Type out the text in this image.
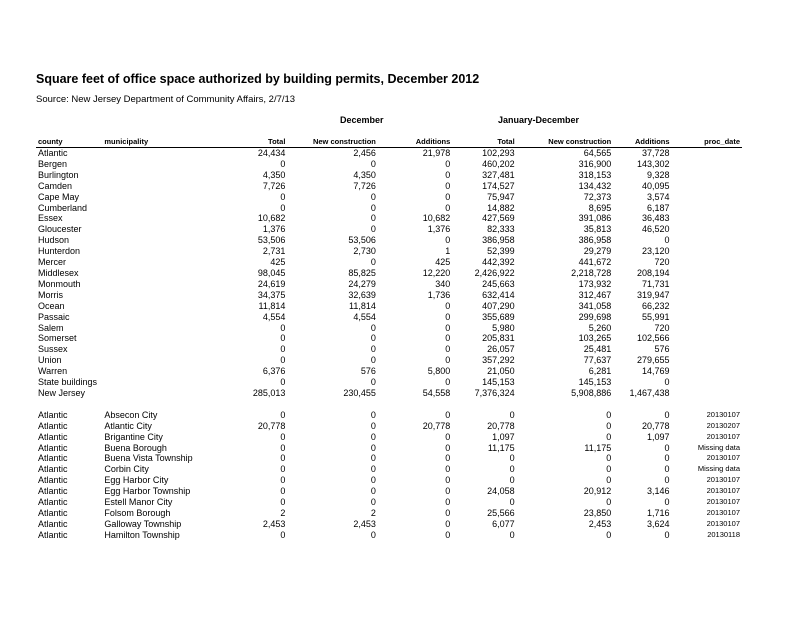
Square feet of office space authorized by building permits, December 2012
Source: New Jersey Department of Community Affairs, 2/7/13
December	January-December
county	municipality	Total	New construction	Additions	Total	New construction	Additions	proc_date
Atlantic		24,434	2,456	21,978	102,293	64,565	37,728	
Bergen		0	0	0	460,202	316,900	143,302	
Burlington		4,350	4,350	0	327,481	318,153	9,328	
Camden		7,726	7,726	0	174,527	134,432	40,095	
Cape May		0	0	0	75,947	72,373	3,574	
Cumberland		0	0	0	14,882	8,695	6,187	
Essex		10,682	0	10,682	427,569	391,086	36,483	
Gloucester		1,376	0	1,376	82,333	35,813	46,520	
Hudson		53,506	53,506	0	386,958	386,958	0	
Hunterdon		2,731	2,730	1	52,399	29,279	23,120	
Mercer		425	0	425	442,392	441,672	720	
Middlesex		98,045	85,825	12,220	2,426,922	2,218,728	208,194	
Monmouth		24,619	24,279	340	245,663	173,932	71,731	
Morris		34,375	32,639	1,736	632,414	312,467	319,947	
Ocean		11,814	11,814	0	407,290	341,058	66,232	
Passaic		4,554	4,554	0	355,689	299,698	55,991	
Salem		0	0	0	5,980	5,260	720	
Somerset		0	0	0	205,831	103,265	102,566	
Sussex		0	0	0	26,057	25,481	576	
Union		0	0	0	357,292	77,637	279,655	
Warren		6,376	576	5,800	21,050	6,281	14,769	
State buildings		0	0	0	145,153	145,153	0	
New Jersey		285,013	230,455	54,558	7,376,324	5,908,886	1,467,438	

Atlantic	Absecon City	0	0	0	0	0	0	20130107
Atlantic	Atlantic City	20,778	0	20,778	20,778	0	20,778	20130207
Atlantic	Brigantine City	0	0	0	1,097	0	1,097	20130107
Atlantic	Buena Borough	0	0	0	11,175	11,175	0	Missing data
Atlantic	Buena Vista Township	0	0	0	0	0	0	20130107
Atlantic	Corbin City	0	0	0	0	0	0	Missing data
Atlantic	Egg Harbor City	0	0	0	0	0	0	20130107
Atlantic	Egg Harbor Township	0	0	0	24,058	20,912	3,146	20130107
Atlantic	Estell Manor City	0	0	0	0	0	0	20130107
Atlantic	Folsom Borough	2	2	0	25,566	23,850	1,716	20130107
Atlantic	Galloway Township	2,453	2,453	0	6,077	2,453	3,624	20130107
Atlantic	Hamilton Township	0	0	0	0	0	0	20130118
